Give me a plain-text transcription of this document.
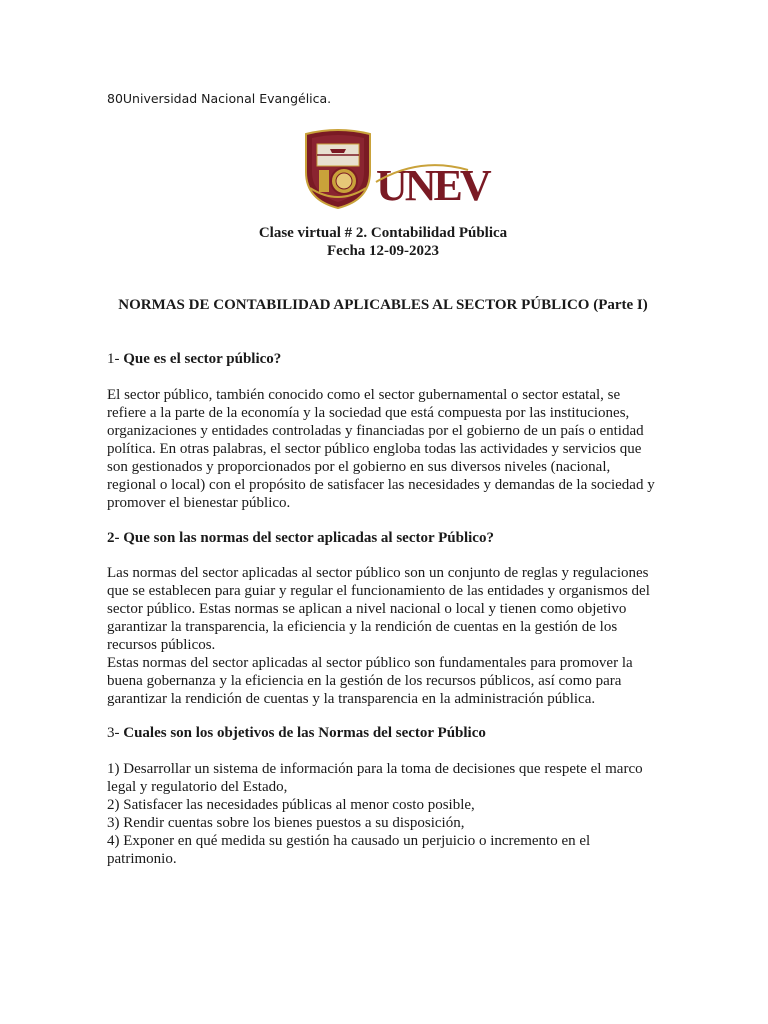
80Universidad Nacional Evangélica.
UNEV

Clase virtual # 2. Contabilidad Pública

Fecha 12-09-2023

NORMAS DE CONTABILIDAD APLICABLES AL SECTOR PÚBLICO (Parte I)
1- Que es el sector público?

El sector público, también conocido como el sector gubernamental o sector estatal, se refiere a la parte de la economía y la sociedad que está compuesta por las instituciones, organizaciones y entidades controladas y financiadas por el gobierno de un país o entidad política. En otras palabras, el sector público engloba todas las actividades y servicios que son gestionados y proporcionados por el gobierno en sus diversos niveles (nacional, regional o local) con el propósito de satisfacer las necesidades y demandas de la sociedad y promover el bienestar público.

2- Que son las normas del sector aplicadas al sector Público?

Las normas del sector aplicadas al sector público son un conjunto de reglas y regulaciones que se establecen para guiar y regular el funcionamiento de las entidades y organismos del sector público. Estas normas se aplican a nivel nacional o local y tienen como objetivo garantizar la transparencia, la eficiencia y la rendición de cuentas en la gestión de los recursos públicos.

Estas normas del sector aplicadas al sector público son fundamentales para promover la buena gobernanza y la eficiencia en la gestión de los recursos públicos, así como para garantizar la rendición de cuentas y la transparencia en la administración pública.

3- Cuales son los objetivos de las Normas del sector Público

1) Desarrollar un sistema de información para la toma de decisiones que respete el marco legal y regulatorio del Estado,

2) Satisfacer las necesidades públicas al menor costo posible,

3) Rendir cuentas sobre los bienes puestos a su disposición,

4) Exponer en qué medida su gestión ha causado un perjuicio o incremento en el patrimonio.
